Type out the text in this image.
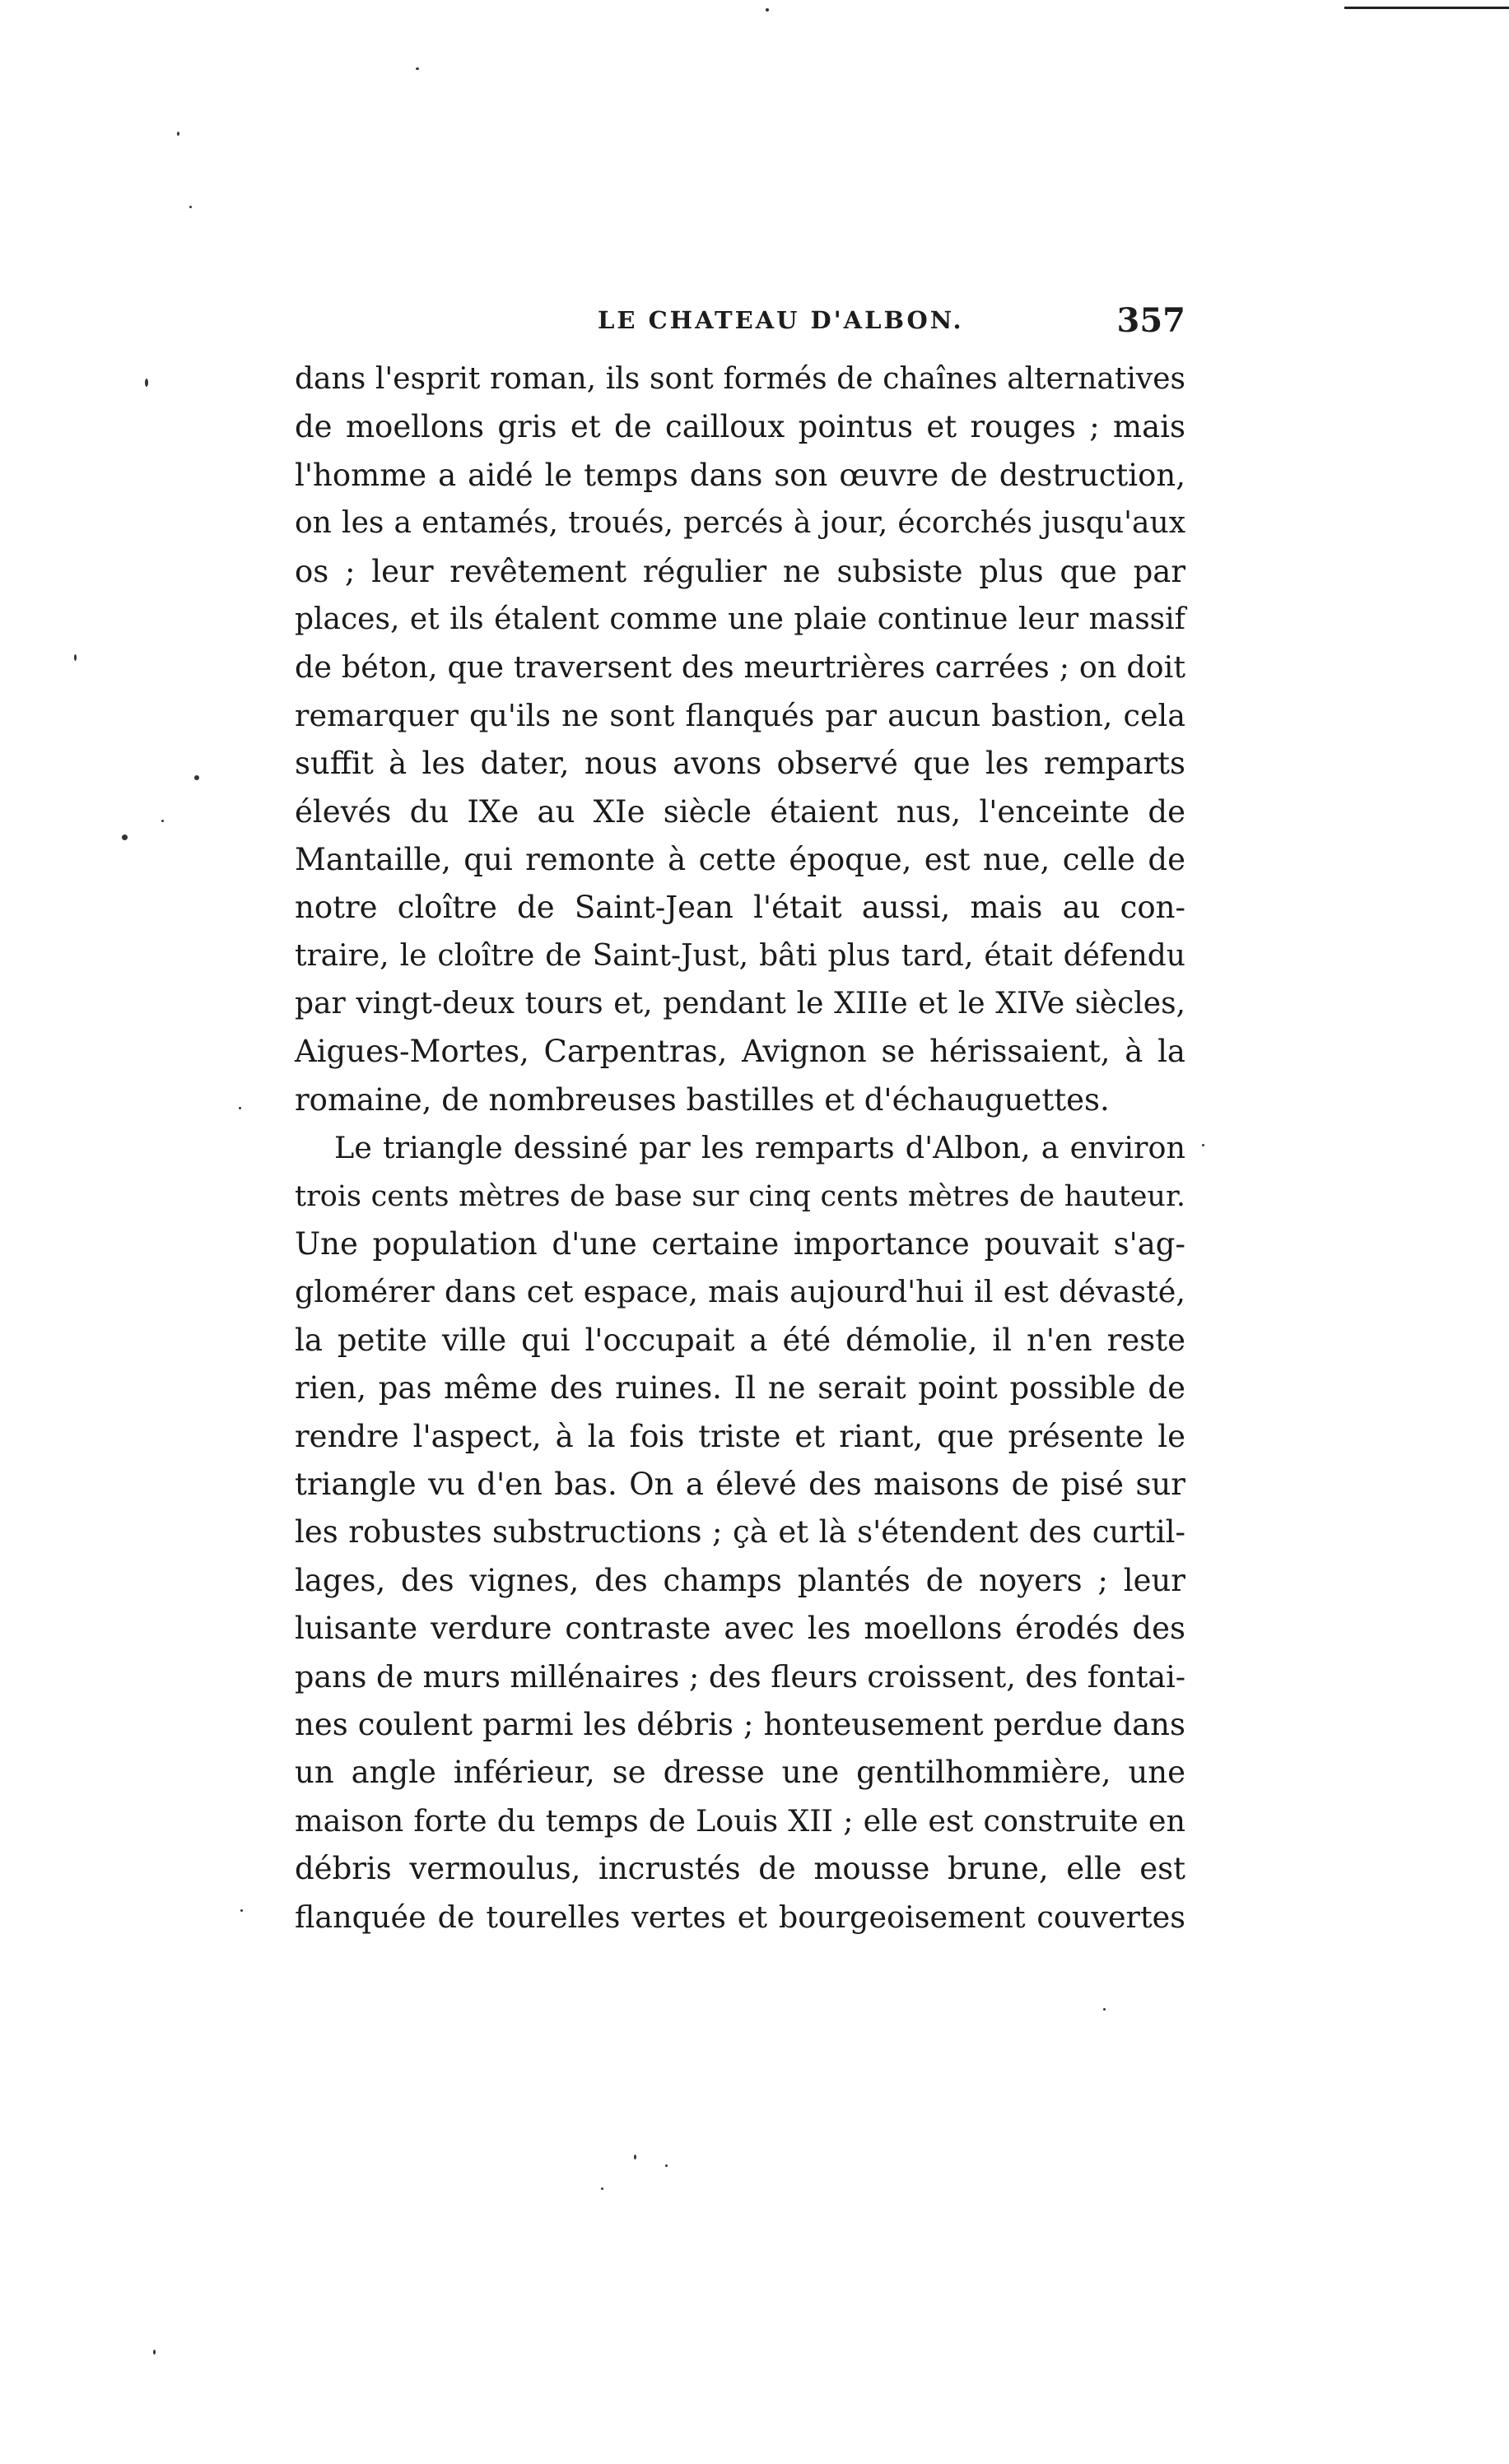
LE CHATEAU D'ALBON.	357
dans l'esprit roman, ils sont formés de chaînes alternatives
de moellons gris et de cailloux pointus et rouges ; mais
l'homme a aidé le temps dans son œuvre de destruction,
on les a entamés, troués, percés à jour, écorchés jusqu'aux
os ; leur revêtement régulier ne subsiste plus que par
places, et ils étalent comme une plaie continue leur massif
de béton, que traversent des meurtrières carrées ; on doit
remarquer qu'ils ne sont flanqués par aucun bastion, cela
suffit à les dater, nous avons observé que les remparts
élevés du IXe au XIe siècle étaient nus, l'enceinte de
Mantaille, qui remonte à cette époque, est nue, celle de
notre cloître de Saint-Jean l'était aussi, mais au con-
traire, le cloître de Saint-Just, bâti plus tard, était défendu
par vingt-deux tours et, pendant le XIIIe et le XIVe siècles,
Aigues-Mortes, Carpentras, Avignon se hérissaient, à la
romaine, de nombreuses bastilles et d'échauguettes.
Le triangle dessiné par les remparts d'Albon, a environ
trois cents mètres de base sur cinq cents mètres de hauteur.
Une population d'une certaine importance pouvait s'ag-
glomérer dans cet espace, mais aujourd'hui il est dévasté,
la petite ville qui l'occupait a été démolie, il n'en reste
rien, pas même des ruines. Il ne serait point possible de
rendre l'aspect, à la fois triste et riant, que présente le
triangle vu d'en bas. On a élevé des maisons de pisé sur
les robustes substructions ; çà et là s'étendent des curtil-
lages, des vignes, des champs plantés de noyers ; leur
luisante verdure contraste avec les moellons érodés des
pans de murs millénaires ; des fleurs croissent, des fontai-
nes coulent parmi les débris ; honteusement perdue dans
un angle inférieur, se dresse une gentilhommière, une
maison forte du temps de Louis XII ; elle est construite en
débris vermoulus, incrustés de mousse brune, elle est
flanquée de tourelles vertes et bourgeoisement couvertes
